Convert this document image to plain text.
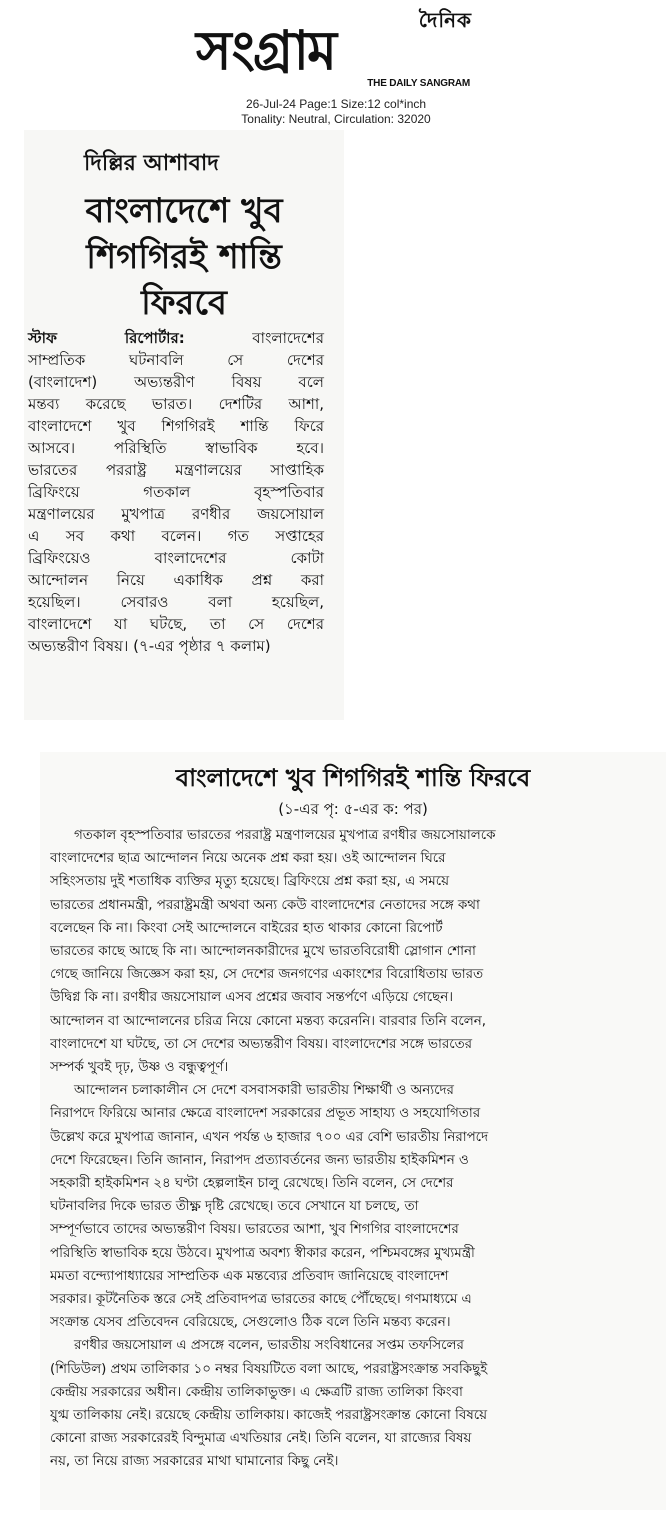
দৈনিক
সংগ্রাম
THE DAILY SANGRAM
26-Jul-24 Page:1 Size:12 col*inch
Tonality: Neutral, Circulation: 32020
দিল্লির আশাবাদ
বাংলাদেশে খুব
শিগগিরই শান্তি
ফিরবে

স্টাফ রিপোর্টার:	বাংলাদেশের

সাম্প্রতিক ঘটনাবলি সে দেশের

(বাংলাদেশ) অভ্যন্তরীণ বিষয় বলে

মন্তব্য করেছে ভারত। দেশটির আশা,

বাংলাদেশে খুব শিগগিরই শান্তি ফিরে

আসবে। পরিস্থিতি স্বাভাবিক হবে।

ভারতের পররাষ্ট্র মন্ত্রণালয়ের সাপ্তাহিক

ব্রিফিংয়ে গতকাল বৃহস্পতিবার

মন্ত্রণালয়ের মুখপাত্র রণধীর জয়সোয়াল

এ সব কথা বলেন। গত সপ্তাহের

ব্রিফিংয়েও বাংলাদেশের কোটা

আন্দোলন নিয়ে একাধিক প্রশ্ন করা

হয়েছিল। সেবারও বলা হয়েছিল,

বাংলাদেশে যা ঘটছে, তা সে দেশের

অভ্যন্তরীণ বিষয়। (৭-এর পৃষ্ঠার ৭ কলাম)

বাংলাদেশে খুব শিগগিরই শান্তি ফিরবে
(১-এর পৃ: ৫-এর ক: পর)

গতকাল বৃহস্পতিবার ভারতের পররাষ্ট্র মন্ত্রণালয়ের মুখপাত্র রণধীর জয়সোয়ালকে

বাংলাদেশের ছাত্র আন্দোলন নিয়ে অনেক প্রশ্ন করা হয়। ওই আন্দোলন ঘিরে

সহিংসতায় দুই শতাধিক ব্যক্তির মৃত্যু হয়েছে। ব্রিফিংয়ে প্রশ্ন করা হয়, এ সময়ে

ভারতের প্রধানমন্ত্রী, পররাষ্ট্রমন্ত্রী অথবা অন্য কেউ বাংলাদেশের নেতাদের সঙ্গে কথা

বলেছেন কি না। কিংবা সেই আন্দোলনে বাইরের হাত থাকার কোনো রিপোর্ট

ভারতের কাছে আছে কি না। আন্দোলনকারীদের মুখে ভারতবিরোধী স্লোগান শোনা

গেছে জানিয়ে জিজ্ঞেস করা হয়, সে দেশের জনগণের একাংশের বিরোধিতায় ভারত

উদ্বিগ্ন কি না। রণধীর জয়সোয়াল এসব প্রশ্নের জবাব সন্তর্পণে এড়িয়ে গেছেন।

আন্দোলন বা আন্দোলনের চরিত্র নিয়ে কোনো মন্তব্য করেননি। বারবার তিনি বলেন,

বাংলাদেশে যা ঘটছে, তা সে দেশের অভ্যন্তরীণ বিষয়। বাংলাদেশের সঙ্গে ভারতের

সম্পর্ক খুবই দৃঢ়, উষ্ণ ও বন্ধুত্বপূর্ণ।

আন্দোলন চলাকালীন সে দেশে বসবাসকারী ভারতীয় শিক্ষার্থী ও অন্যদের

নিরাপদে ফিরিয়ে আনার ক্ষেত্রে বাংলাদেশ সরকারের প্রভূত সাহায্য ও সহযোগিতার

উল্লেখ করে মুখপাত্র জানান, এখন পর্যন্ত ৬ হাজার ৭০০ এর বেশি ভারতীয় নিরাপদে

দেশে ফিরেছেন। তিনি জানান, নিরাপদ প্রত্যাবর্তনের জন্য ভারতীয় হাইকমিশন ও

সহকারী হাইকমিশন ২৪ ঘণ্টা হেল্পলাইন চালু রেখেছে। তিনি বলেন, সে দেশের

ঘটনাবলির দিকে ভারত তীক্ষ্ণ দৃষ্টি রেখেছে। তবে সেখানে যা চলছে, তা

সম্পূর্ণভাবে তাদের অভ্যন্তরীণ বিষয়। ভারতের আশা, খুব শিগগির বাংলাদেশের

পরিস্থিতি স্বাভাবিক হয়ে উঠবে। মুখপাত্র অবশ্য স্বীকার করেন, পশ্চিমবঙ্গের মুখ্যমন্ত্রী

মমতা বন্দ্যোপাধ্যায়ের সাম্প্রতিক এক মন্তব্যের প্রতিবাদ জানিয়েছে বাংলাদেশ

সরকার। কূটনৈতিক স্তরে সেই প্রতিবাদপত্র ভারতের কাছে পৌঁছেছে। গণমাধ্যমে এ

সংক্রান্ত যেসব প্রতিবেদন বেরিয়েছে, সেগুলোও ঠিক বলে তিনি মন্তব্য করেন।

রণধীর জয়সোয়াল এ প্রসঙ্গে বলেন, ভারতীয় সংবিধানের সপ্তম তফসিলের

(শিডিউল) প্রথম তালিকার ১০ নম্বর বিষয়টিতে বলা আছে, পররাষ্ট্রসংক্রান্ত সবকিছুই

কেন্দ্রীয় সরকারের অধীন। কেন্দ্রীয় তালিকাভুক্ত। এ ক্ষেত্রটি রাজ্য তালিকা কিংবা

যুগ্ম তালিকায় নেই। রয়েছে কেন্দ্রীয় তালিকায়। কাজেই পররাষ্ট্রসংক্রান্ত কোনো বিষয়ে

কোনো রাজ্য সরকারেরই বিন্দুমাত্র এখতিয়ার নেই। তিনি বলেন, যা রাজ্যের বিষয়

নয়, তা নিয়ে রাজ্য সরকারের মাথা ঘামানোর কিছু নেই।
